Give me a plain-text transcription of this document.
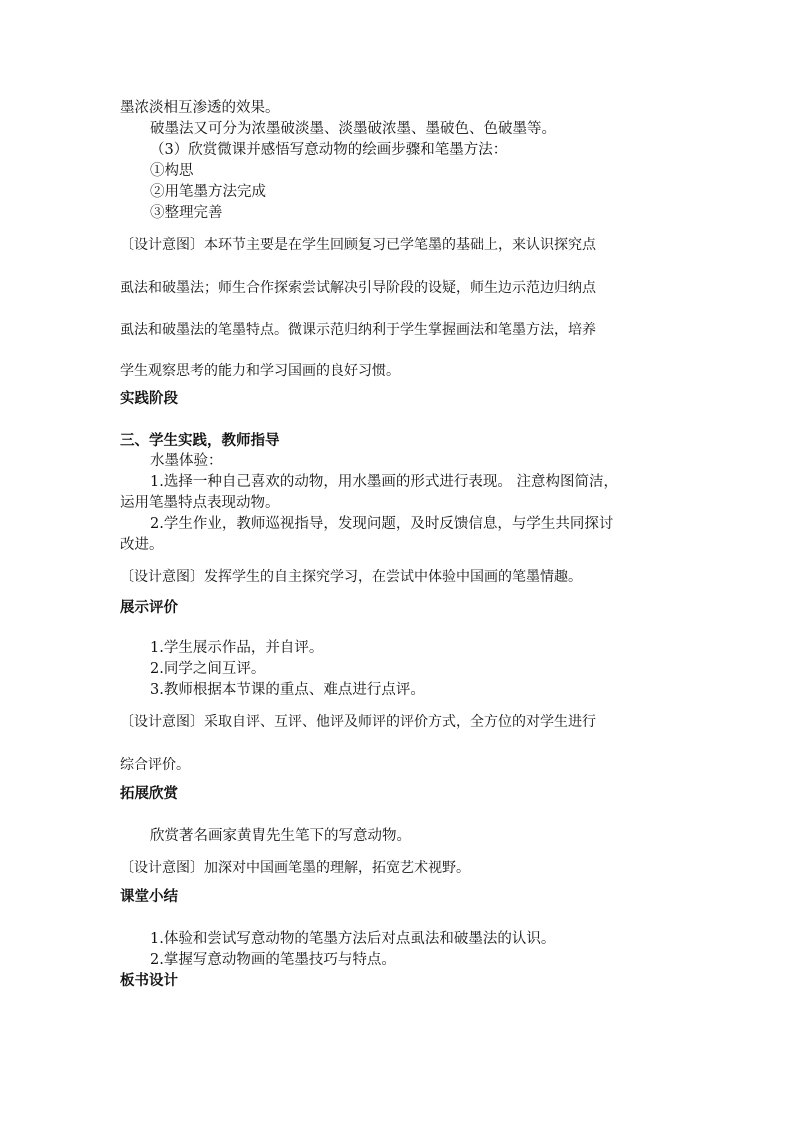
墨浓淡相互渗透的效果。
破墨法又可分为浓墨破淡墨、淡墨破浓墨、墨破色、色破墨等。
（3）欣赏微课并感悟写意动物的绘画步骤和笔墨方法：
①构思
②用笔墨方法完成
③整理完善
〔设计意图〕本环节主要是在学生回顾复习已学笔墨的基础上，来认识探究点
虱法和破墨法；师生合作探索尝试解决引导阶段的设疑，师生边示范边归纳点
虱法和破墨法的笔墨特点。微课示范归纳利于学生掌握画法和笔墨方法，培养
学生观察思考的能力和学习国画的良好习惯。
实践阶段
三、学生实践，教师指导
水墨体验：
1.选择一种自己喜欢的动物，用水墨画的形式进行表现。 注意构图简洁，
运用笔墨特点表现动物。
2.学生作业，教师巡视指导，发现问题，及时反馈信息，与学生共同探讨
改进。
〔设计意图〕发挥学生的自主探究学习，在尝试中体验中国画的笔墨情趣。
展示评价
1.学生展示作品，并自评。
2.同学之间互评。
3.教师根据本节课的重点、难点进行点评。
〔设计意图〕采取自评、互评、他评及师评的评价方式，全方位的对学生进行
综合评价。
拓展欣赏
欣赏著名画家黄胄先生笔下的写意动物。
〔设计意图〕加深对中国画笔墨的理解，拓宽艺术视野。
课堂小结
1.体验和尝试写意动物的笔墨方法后对点虱法和破墨法的认识。
2.掌握写意动物画的笔墨技巧与特点。
板书设计
